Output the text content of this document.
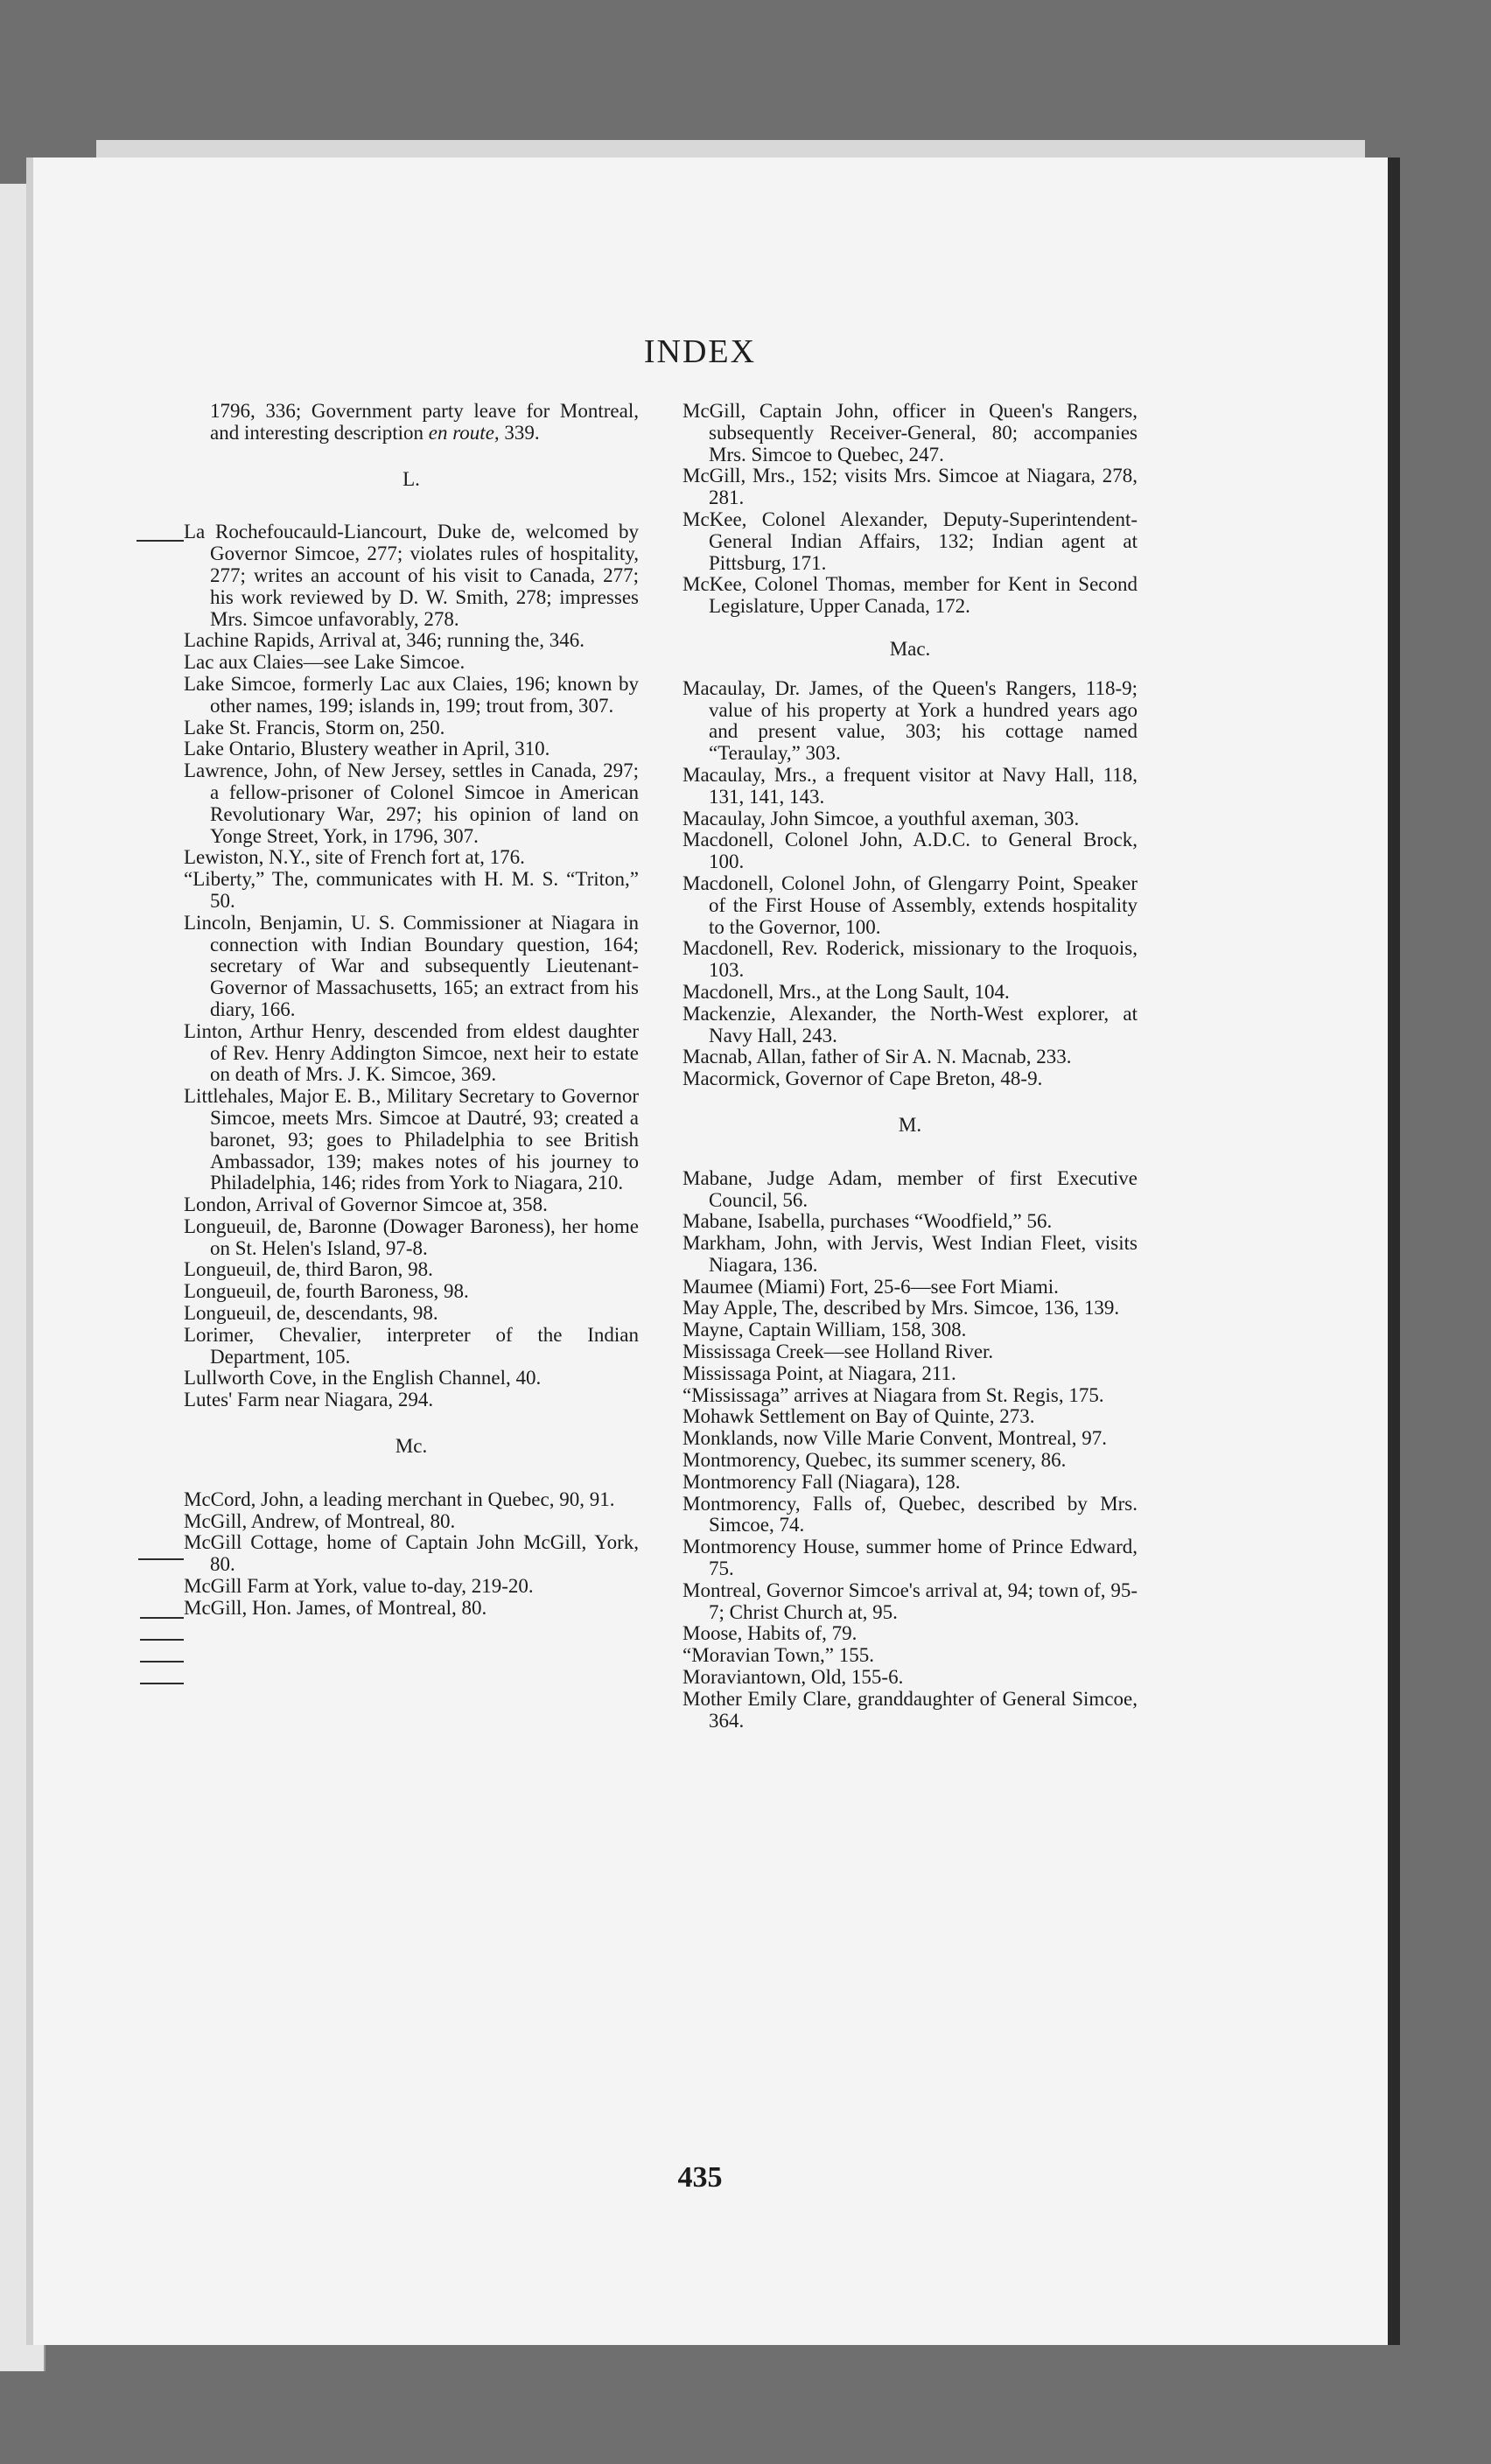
INDEX
1796, 336; Government party leave for Montreal, and interesting description en route, 339.
L.
La Rochefoucauld-Liancourt, Duke de, welcomed by Governor Simcoe, 277; violates rules of hospitality, 277; writes an account of his visit to Canada, 277; his work reviewed by D. W. Smith, 278; impresses Mrs. Simcoe unfavorably, 278.
Lachine Rapids, Arrival at, 346; running the, 346.
Lac aux Claies—see Lake Simcoe.
Lake Simcoe, formerly Lac aux Claies, 196; known by other names, 199; islands in, 199; trout from, 307.
Lake St. Francis, Storm on, 250.
Lake Ontario, Blustery weather in April, 310.
Lawrence, John, of New Jersey, settles in Canada, 297; a fellow-prisoner of Colonel Simcoe in American Revolutionary War, 297; his opinion of land on Yonge Street, York, in 1796, 307.
Lewiston, N.Y., site of French fort at, 176.
“Liberty,” The, communicates with H. M. S. “Triton,” 50.
Lincoln, Benjamin, U. S. Commissioner at Niagara in connection with Indian Boundary question, 164; secretary of War and subsequently Lieutenant-Governor of Massachusetts, 165; an extract from his diary, 166.
Linton, Arthur Henry, descended from eldest daughter of Rev. Henry Addington Simcoe, next heir to estate on death of Mrs. J. K. Simcoe, 369.
Littlehales, Major E. B., Military Secretary to Governor Simcoe, meets Mrs. Simcoe at Dautré, 93; created a baronet, 93; goes to Philadelphia to see British Ambassador, 139; makes notes of his journey to Philadelphia, 146; rides from York to Niagara, 210.
London, Arrival of Governor Simcoe at, 358.
Longueuil, de, Baronne (Dowager Baroness), her home on St. Helen's Island, 97-8.
Longueuil, de, third Baron, 98.
Longueuil, de, fourth Baroness, 98.
Longueuil, de, descendants, 98.
Lorimer, Chevalier, interpreter of the Indian Department, 105.
Lullworth Cove, in the English Channel, 40.
Lutes' Farm near Niagara, 294.
Mc.
McCord, John, a leading merchant in Quebec, 90, 91.
McGill, Andrew, of Montreal, 80.
McGill Cottage, home of Captain John McGill, York, 80.
McGill Farm at York, value to-day, 219-20.
McGill, Hon. James, of Montreal, 80.
McGill, Captain John, officer in Queen's Rangers, subsequently Receiver-General, 80; accompanies Mrs. Simcoe to Quebec, 247.
McGill, Mrs., 152; visits Mrs. Simcoe at Niagara, 278, 281.
McKee, Colonel Alexander, Deputy-Superintendent-General Indian Affairs, 132; Indian agent at Pittsburg, 171.
McKee, Colonel Thomas, member for Kent in Second Legislature, Upper Canada, 172.
Mac.
Macaulay, Dr. James, of the Queen's Rangers, 118-9; value of his property at York a hundred years ago and present value, 303; his cottage named “Teraulay,” 303.
Macaulay, Mrs., a frequent visitor at Navy Hall, 118, 131, 141, 143.
Macaulay, John Simcoe, a youthful axeman, 303.
Macdonell, Colonel John, A.D.C. to General Brock, 100.
Macdonell, Colonel John, of Glengarry Point, Speaker of the First House of Assembly, extends hospitality to the Governor, 100.
Macdonell, Rev. Roderick, missionary to the Iroquois, 103.
Macdonell, Mrs., at the Long Sault, 104.
Mackenzie, Alexander, the North-West explorer, at Navy Hall, 243.
Macnab, Allan, father of Sir A. N. Macnab, 233.
Macormick, Governor of Cape Breton, 48-9.
M.
Mabane, Judge Adam, member of first Executive Council, 56.
Mabane, Isabella, purchases “Woodfield,” 56.
Markham, John, with Jervis, West Indian Fleet, visits Niagara, 136.
Maumee (Miami) Fort, 25-6—see Fort Miami.
May Apple, The, described by Mrs. Simcoe, 136, 139.
Mayne, Captain William, 158, 308.
Mississaga Creek—see Holland River.
Mississaga Point, at Niagara, 211.
“Mississaga” arrives at Niagara from St. Regis, 175.
Mohawk Settlement on Bay of Quinte, 273.
Monklands, now Ville Marie Convent, Montreal, 97.
Montmorency, Quebec, its summer scenery, 86.
Montmorency Fall (Niagara), 128.
Montmorency, Falls of, Quebec, described by Mrs. Simcoe, 74.
Montmorency House, summer home of Prince Edward, 75.
Montreal, Governor Simcoe's arrival at, 94; town of, 95-7; Christ Church at, 95.
Moose, Habits of, 79.
“Moravian Town,” 155.
Moraviantown, Old, 155-6.
Mother Emily Clare, granddaughter of General Simcoe, 364.
435
